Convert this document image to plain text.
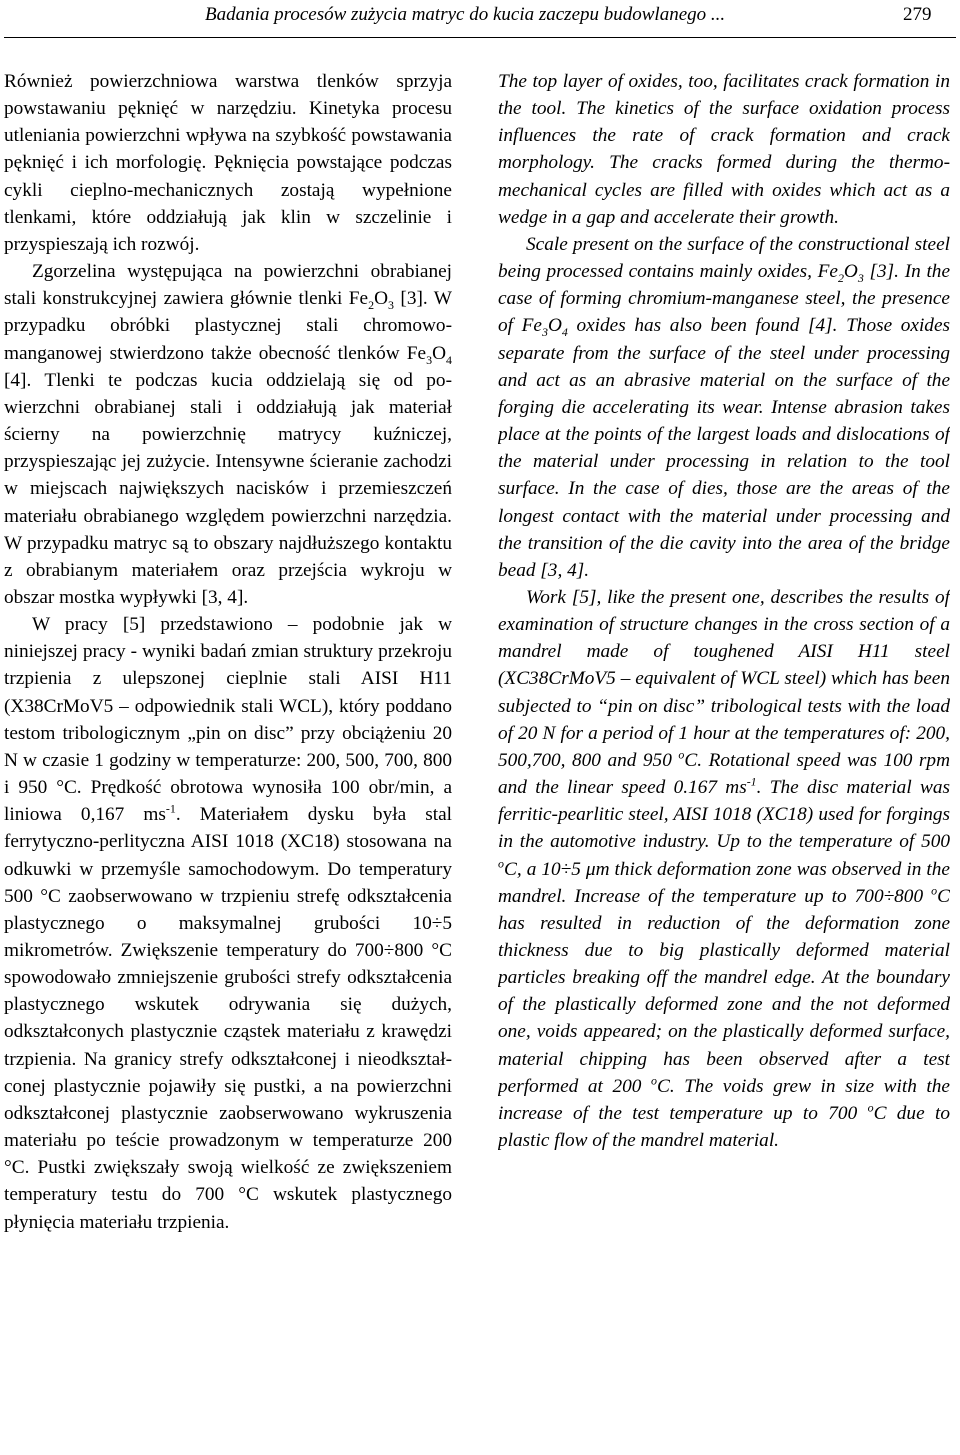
Badania procesów zużycia matryc do kucia zaczepu budowlanego ...	279

Również powierzchniowa warstwa tlenków sprzyja powstawaniu pęknięć w narzędziu. Kinetyka procesu utleniania powierzchni wpływa na szybkość powstawania pęknięć i ich morfologię. Pęknięcia powstające podczas cykli cieplno-mechanicznych zostają wypełnione tlenkami, które oddziałują jak klin w szczelinie i przyspieszają ich rozwój.

Zgorzelina występująca na powierzchni obrabianej stali konstrukcyjnej zawiera głównie tlenki $Fe_2O_3$ [3]. W przypadku obróbki plastycznej stali chromowo-manganowej stwierdzono także obecność tlenków $Fe_3O_4$ [4]. Tlenki te podczas kucia oddzielają się od powierzchni obrabianej stali i oddziałują jak materiał ścierny na powierzchnię matrycy kuźniczej, przyspieszając jej zużycie. Intensywne ścieranie zachodzi w miejscach największych nacisków i przemieszczeń materiału obrabianego względem powierzchni narzędzia. W przypadku matryc są to obszary najdłuższego kontaktu z obrabianym materiałem oraz przejścia wykroju w obszar mostka wypływki [3, 4].

W pracy [5] przedstawiono – podobnie jak w niniejszej pracy - wyniki badań zmian struktury przekroju trzpienia z ulepszonej cieplnie stali AISI H11 (X38CrMoV5 – odpowiednik stali WCL), który poddano testom tribologicznym „pin on disc” przy obciążeniu 20 N w czasie 1 godziny w temperaturze: 200, 500, 700, 800 i 950 °C. Prędkość obrotowa wynosiła 100 obr/min, a liniowa 0,167 $ms^{-1}$. Materiałem dysku była stal ferrytyczno-perlityczna AISI 1018 (XC18) stosowana na odkuwki w przemyśle samochodowym. Do temperatury 500 °C zaobserwowano w trzpieniu strefę odkształcenia plastycznego o maksymalnej grubości 10÷5 mikrometrów. Zwiększenie temperatury do 700÷800 °C spowodowało zmniejszenie grubości strefy odkształcenia plastycznego wskutek odrywania się dużych, odkształconych plastycznie cząstek materiału z krawędzi trzpienia. Na granicy strefy odkształconej i nieodkształconej plastycznie pojawiły się pustki, a na powierzchni odkształconej plastycznie zaobserwowano wykruszenia materiału po teście prowadzonym w temperaturze 200 °C. Pustki zwiększały swoją wielkość ze zwiększeniem temperatury testu do 700 °C wskutek plastycznego płynięcia materiału trzpienia.

The top layer of oxides, too, facilitates crack formation in the tool. The kinetics of the surface oxidation process influences the rate of crack formation and crack morphology. The cracks formed during the thermomechanical cycles are filled with oxides which act as a wedge in a gap and accelerate their growth.

Scale present on the surface of the constructional steel being processed contains mainly oxides, $Fe_2O_3$ [3]. In the case of forming chromium-manganese steel, the presence of $Fe_3O_4$ oxides has also been found [4]. Those oxides separate from the surface of the steel under processing and act as an abrasive material on the surface of the forging die accelerating its wear. Intense abrasion takes place at the points of the largest loads and dislocations of the material under processing in relation to the tool surface. In the case of dies, those are the areas of the longest contact with the material under processing and the transition of the die cavity into the area of the bridge bead [3, 4].

Work [5], like the present one, describes the results of examination of structure changes in the cross section of a mandrel made of toughened AISI H11 steel (XC38CrMoV5 – equivalent of WCL steel) which has been subjected to “pin on disc” tribological tests with the load of 20 N for a period of 1 hour at the temperatures of: 200, 500,700, 800 and 950 $^o$C. Rotational speed was 100 rpm and the linear speed 0.167 $ms^{-1}$. The disc material was ferritic-pearlitic steel, AISI 1018 (XC18) used for forgings in the automotive industry. Up to the temperature of 500 $^o$C, a 10÷5 μm thick deformation zone was observed in the mandrel. Increase of the temperature up to 700÷800 $^o$C has resulted in reduction of the deformation zone thickness due to big plastically deformed material particles breaking off the mandrel edge. At the boundary of the plastically deformed zone and the not deformed one, voids appeared; on the plastically deformed surface, material chipping has been observed after a test performed at 200 $^o$C. The voids grew in size with the increase of the test temperature up to 700 $^o$C due to plastic flow of the mandrel material.
